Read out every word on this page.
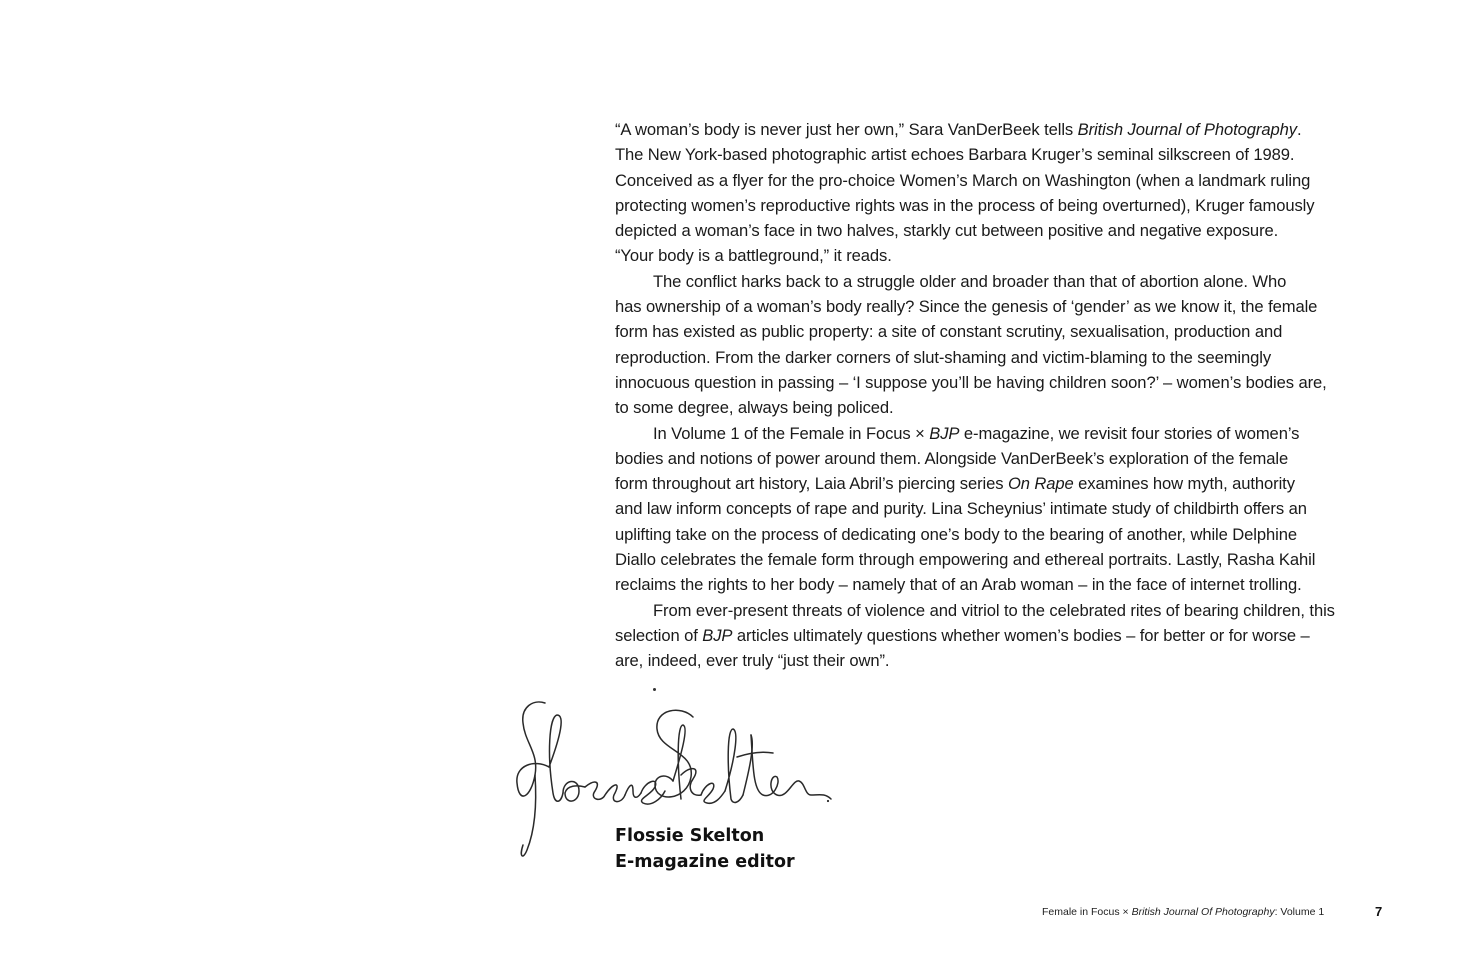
“A woman’s body is never just her own,” Sara VanDerBeek tells British Journal of Photography.
The New York-based photographic artist echoes Barbara Kruger’s seminal silkscreen of 1989.
Conceived as a flyer for the pro-choice Women’s March on Washington (when a landmark ruling
protecting women’s reproductive rights was in the process of being overturned), Kruger famously
depicted a woman’s face in two halves, starkly cut between positive and negative exposure.
“Your body is a battleground,” it reads.

The conflict harks back to a struggle older and broader than that of abortion alone. Who
has ownership of a woman’s body really? Since the genesis of ‘gender’ as we know it, the female
form has existed as public property: a site of constant scrutiny, sexualisation, production and
reproduction. From the darker corners of slut-shaming and victim-blaming to the seemingly
innocuous question in passing – ‘I suppose you’ll be having children soon?’ – women’s bodies are,
to some degree, always being policed.

In Volume 1 of the Female in Focus × BJP e-magazine, we revisit four stories of women’s
bodies and notions of power around them. Alongside VanDerBeek’s exploration of the female
form throughout art history, Laia Abril’s piercing series On Rape examines how myth, authority
and law inform concepts of rape and purity. Lina Scheynius’ intimate study of childbirth offers an
uplifting take on the process of dedicating one’s body to the bearing of another, while Delphine
Diallo celebrates the female form through empowering and ethereal portraits. Lastly, Rasha Kahil
reclaims the rights to her body – namely that of an Arab woman – in the face of internet trolling.

From ever-present threats of violence and vitriol to the celebrated rites of bearing children, this
selection of BJP articles ultimately questions whether women’s bodies – for better or for worse –
are, indeed, ever truly “just their own”.

Flossie Skelton
E-magazine editor
Female in Focus × British Journal Of Photography: Volume 1	7
